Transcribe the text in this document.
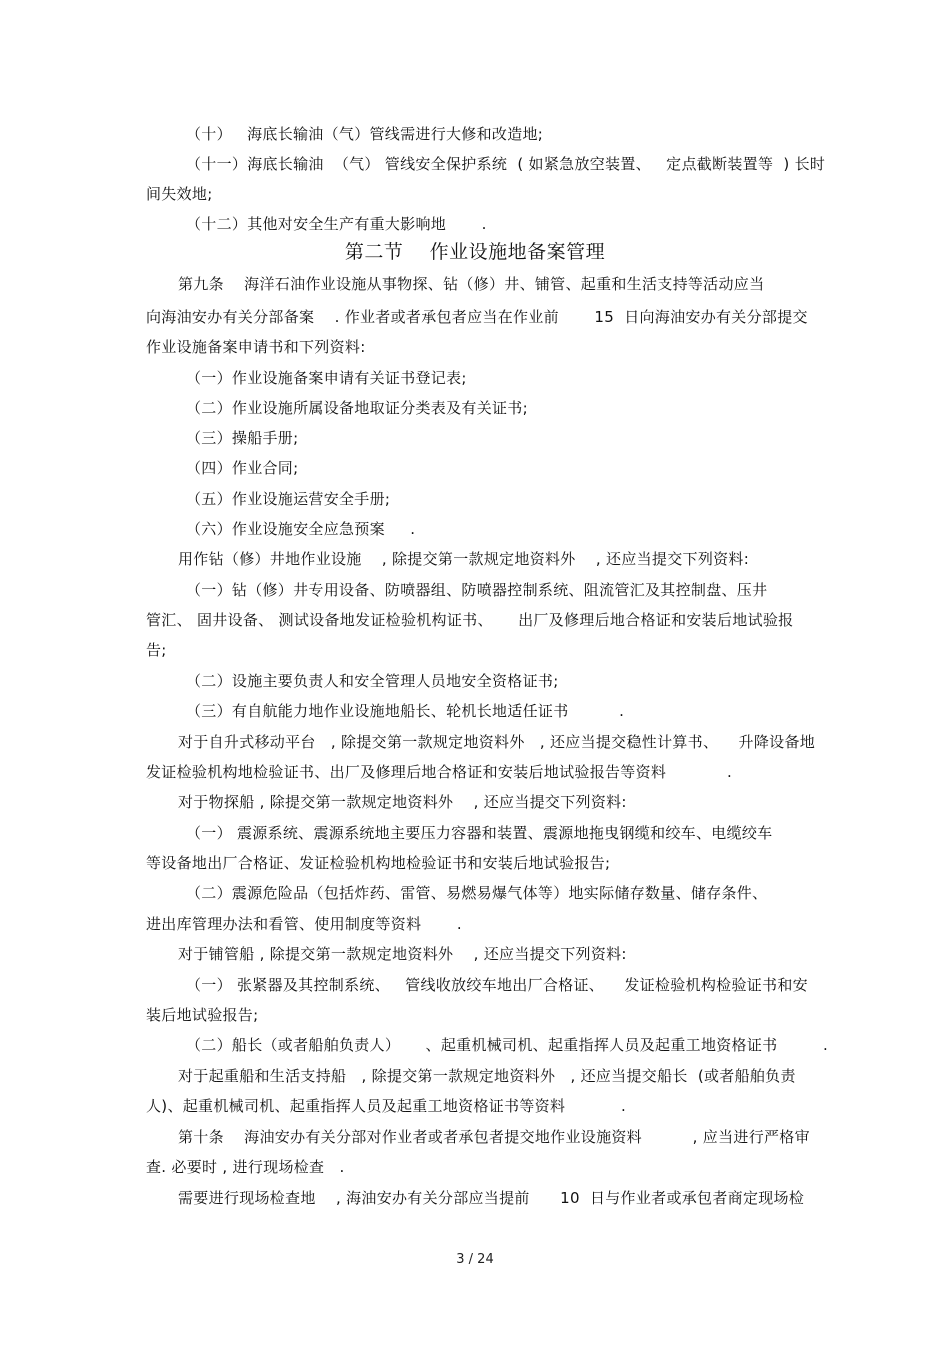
（十）   海底长输油（气）管线需进行大修和改造地;
（十一）海底长输油  （气） 管线安全保护系统  ( 如紧急放空装置、   定点截断装置等  ) 长时
间失效地;
（十二）其他对安全生产有重大影响地       .
第二节    作业设施地备案管理
第九条    海洋石油作业设施从事物探、钻（修）井、铺管、起重和生活支持等活动应当
向海油安办有关分部备案    . 作业者或者承包者应当在作业前       15  日向海油安办有关分部提交
作业设施备案申请书和下列资料:
（一）作业设施备案申请有关证书登记表;
（二）作业设施所属设备地取证分类表及有关证书;
（三）操船手册;
（四）作业合同;
（五）作业设施运营安全手册;
（六）作业设施安全应急预案     .
用作钻（修）井地作业设施    , 除提交第一款规定地资料外    , 还应当提交下列资料:
（一）钻（修）井专用设备、防喷器组、防喷器控制系统、阻流管汇及其控制盘、压井
管汇、 固井设备、 测试设备地发证检验机构证书、     出厂及修理后地合格证和安装后地试验报
告;
（二）设施主要负责人和安全管理人员地安全资格证书;
（三）有自航能力地作业设施地船长、轮机长地适任证书          .
对于自升式移动平台   , 除提交第一款规定地资料外   , 还应当提交稳性计算书、    升降设备地
发证检验机构地检验证书、出厂及修理后地合格证和安装后地试验报告等资料            .
对于物探船 , 除提交第一款规定地资料外    , 还应当提交下列资料:
（一） 震源系统、震源系统地主要压力容器和装置、震源地拖曳钢缆和绞车、电缆绞车
等设备地出厂合格证、发证检验机构地检验证书和安装后地试验报告;
（二）震源危险品（包括炸药、雷管、易燃易爆气体等）地实际储存数量、储存条件、
进出库管理办法和看管、使用制度等资料       .
对于铺管船 , 除提交第一款规定地资料外    , 还应当提交下列资料:
（一） 张紧器及其控制系统、   管线收放绞车地出厂合格证、    发证检验机构检验证书和安
装后地试验报告;
（二）船长（或者船舶负责人）     、起重机械司机、起重指挥人员及起重工地资格证书         .
对于起重船和生活支持船   , 除提交第一款规定地资料外   , 还应当提交船长  (或者船舶负责
人)、起重机械司机、起重指挥人员及起重工地资格证书等资料           .
第十条    海油安办有关分部对作业者或者承包者提交地作业设施资料          , 应当进行严格审
查. 必要时 , 进行现场检查   .
需要进行现场检查地    , 海油安办有关分部应当提前      10  日与作业者或承包者商定现场检
3 / 24
